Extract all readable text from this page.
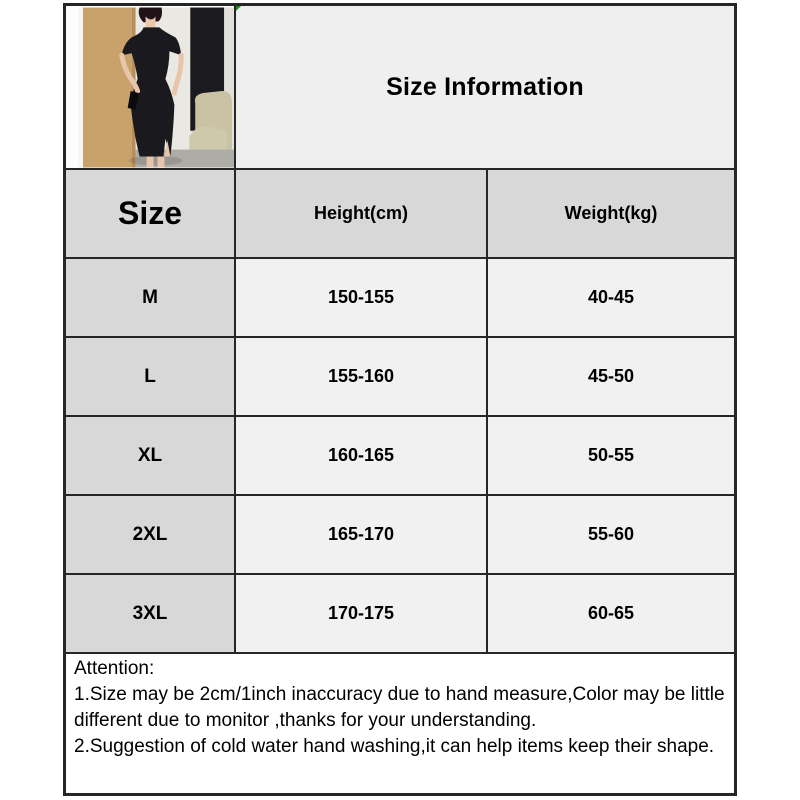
Size Information
Size	Height(cm)	Weight(kg)
M	150-155	40-45
L	155-160	45-50
XL	160-165	50-55
2XL	165-170	55-60
3XL	170-175	60-65
Attention:
1.Size may be 2cm/1inch inaccuracy due to hand measure,Color may be little different due to monitor ,thanks for your understanding.
2.Suggestion of cold water hand washing,it can help items keep their shape.
